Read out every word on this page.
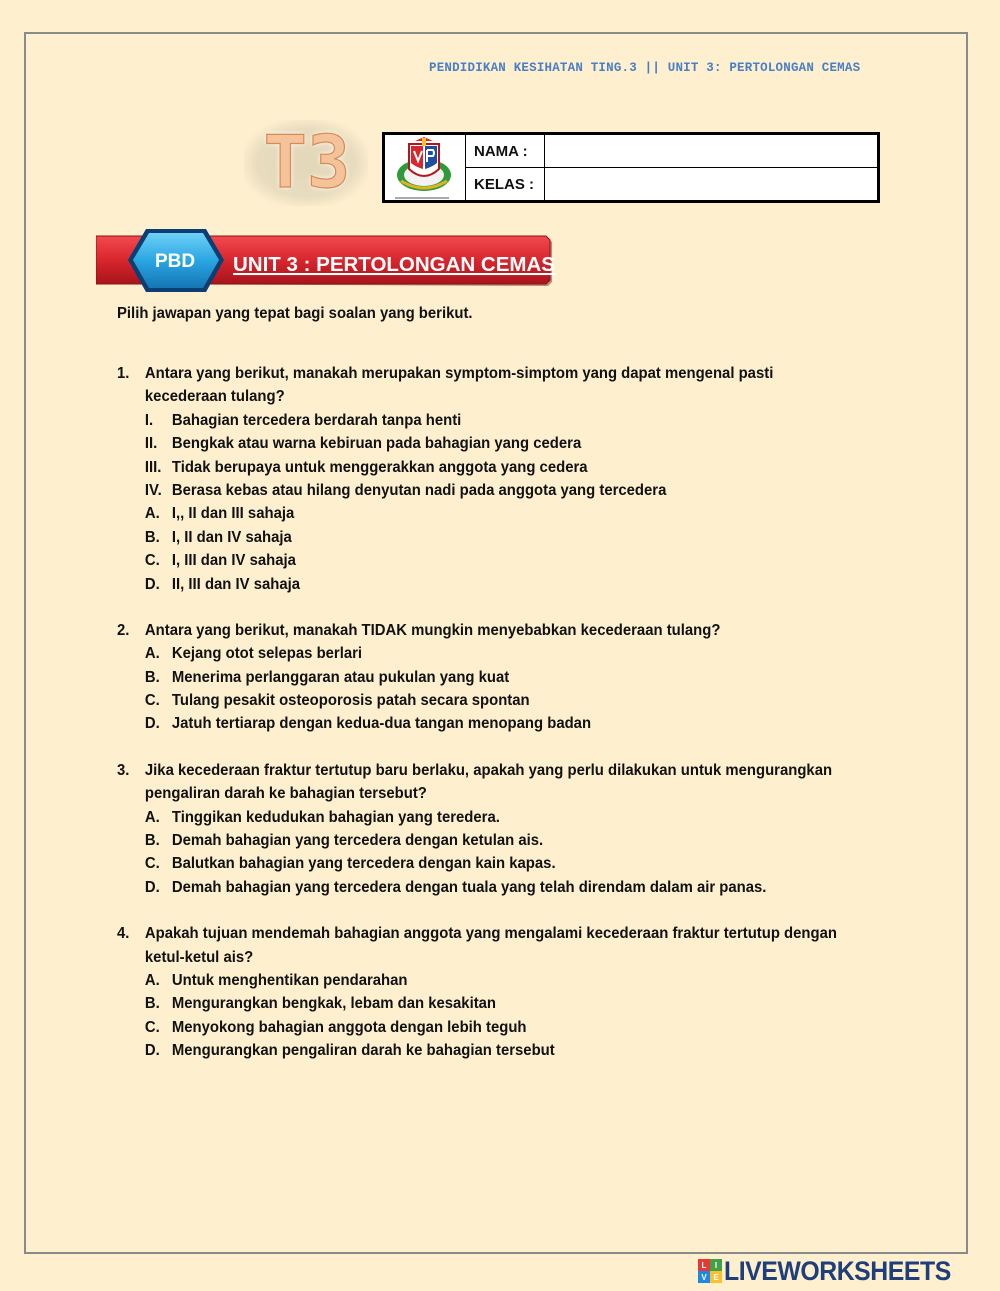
PENDIDIKAN KESIHATAN TING.3 || UNIT 3: PERTOLONGAN CEMAS
T3	NAMA :
KELAS :
PBD UNIT 3 : PERTOLONGAN CEMAS
Pilih jawapan yang tepat bagi soalan yang berikut.
1. Antara yang berikut, manakah merupakan symptom-simptom yang dapat mengenal pasti
kecederaan tulang?
I. Bahagian tercedera berdarah tanpa henti
II. Bengkak atau warna kebiruan pada bahagian yang cedera
III. Tidak berupaya untuk menggerakkan anggota yang cedera
IV. Berasa kebas atau hilang denyutan nadi pada anggota yang tercedera
A. I,, II dan III sahaja
B. I, II dan IV sahaja
C. I, III dan IV sahaja
D. II, III dan IV sahaja
2. Antara yang berikut, manakah TIDAK mungkin menyebabkan kecederaan tulang?
A. Kejang otot selepas berlari
B. Menerima perlanggaran atau pukulan yang kuat
C. Tulang pesakit osteoporosis patah secara spontan
D. Jatuh tertiarap dengan kedua-dua tangan menopang badan
3. Jika kecederaan fraktur tertutup baru berlaku, apakah yang perlu dilakukan untuk mengurangkan
pengaliran darah ke bahagian tersebut?
A. Tinggikan kedudukan bahagian yang teredera.
B. Demah bahagian yang tercedera dengan ketulan ais.
C. Balutkan bahagian yang tercedera dengan kain kapas.
D. Demah bahagian yang tercedera dengan tuala yang telah direndam dalam air panas.
4. Apakah tujuan mendemah bahagian anggota yang mengalami kecederaan fraktur tertutup dengan
ketul-ketul ais?
A. Untuk menghentikan pendarahan
B. Mengurangkan bengkak, lebam dan kesakitan
C. Menyokong bahagian anggota dengan lebih teguh
D. Mengurangkan pengaliran darah ke bahagian tersebut
L	I
V E LIVEWORKSHEETS
